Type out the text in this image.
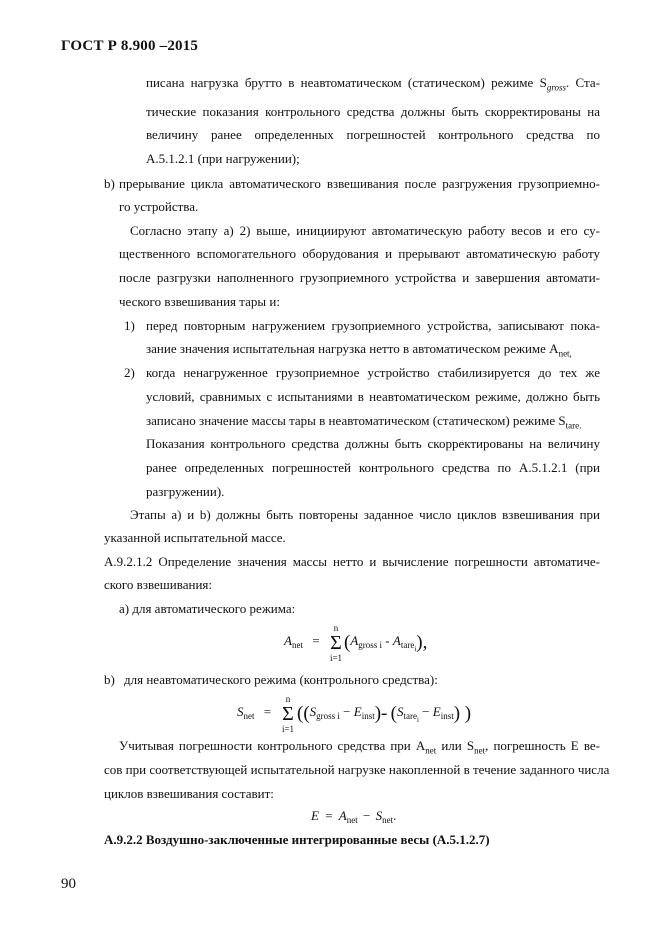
ГОСТ Р 8.900 –2015
писана нагрузка брутто в неавтоматическом (статическом) режиме $S_{gross}$. Ста-
тические показания контрольного средства должны быть скорректированы на
величину ранее определенных погрешностей контрольного средства по
А.5.1.2.1 (при нагружении);
b) прерывание цикла автоматического взвешивания после разгружения грузоприемно-
го устройства.
Согласно этапу а) 2) выше, инициируют автоматическую работу весов и его су-
щественного вспомогательного оборудования и прерывают автоматическую работу
после разгрузки наполненного грузоприемного устройства и завершения автомати-
ческого взвешивания тары и:
1) перед повторным нагружением грузоприемного устройства, записывают пока-
зание значения испытательная нагрузка нетто в автоматическом режиме $A_{net,}$
2) когда ненагруженное грузоприемное устройство стабилизируется до тех же
условий, сравнимых с испытаниями в неавтоматическом режиме, должно быть
записано значение массы тары в неавтоматическом (статическом) режиме $S_{tare.}$
Показания контрольного средства должны быть скорректированы на величину
ранее определенных погрешностей контрольного средства по А.5.1.2.1 (при
разгружении).
Этапы а) и b) должны быть повторены заданное число циклов взвешивания при
указанной испытательной массе.
А.9.2.1.2 Определение значения массы нетто и вычисление погрешности автоматиче-
ского взвешивания:
а) для автоматического режима:
$A_{net}$ =
n
Σ
i=1
$(A_{gross i} - A_{tare_i})$,
b) для неавтоматического режима (контрольного средства):
$S_{net}$ =
n
Σ
i=1
($(S_{gross i} - E_{inst})-$ $(S_{tare_i} - E_{inst})$ )
Учитывая погрешности контрольного средства при $A_{net}$ или $S_{net}$, погрешность E ве-
сов при соответствующей испытательной нагрузке накопленной в течение заданного числа
циклов взвешивания составит:
$E = A_{net} - S_{net}$.
А.9.2.2 Воздушно-заключенные интегрированные весы (А.5.1.2.7)
90
